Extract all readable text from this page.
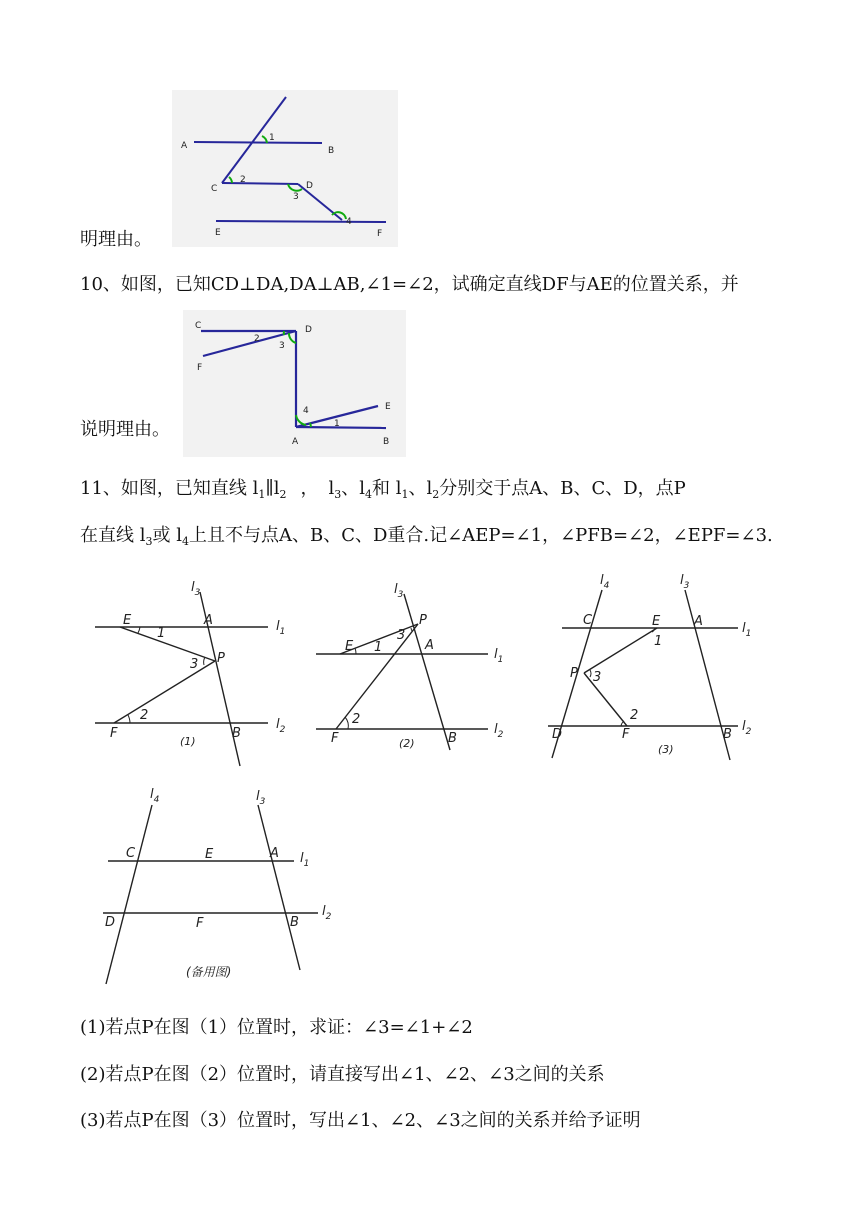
A	B
C	D
E	F
1
2
3
4
明理由。
10、如图，已知CD⊥DA,DA⊥AB,∠1=∠2，试确定直线DF与AE的位置关系，并
C	D
F
E
A	B
1
2
3
4
说明理由。
11、如图，已知直线 $l_1\parallel l_2$ ， $l_3$、$l_4$和 $l_1$、$l_2$分别交于点A、B、C、D，点P
在直线 $l_3$或 $l_4$上且不与点A、B、C、D重合.记∠AEP=∠1，∠PFB=∠2，∠EPF=∠3.
E	A
P
F	B
$l_3$
$l_1$
$l_2$
1
2
3
(1)
E
P
A
F	B
$l_3$
$l_1$
$l_2$
1
2
3
(2)
C	E	A
P
D	F	B
$l_4$	$l_3$
$l_1$
$l_2$
1
2
3
(3)
C	E	A
D	F	B
$l_4$	$l_3$
$l_1$
$l_2$
(备用图)
(1)若点P在图（1）位置时，求证：∠3=∠1+∠2
(2)若点P在图（2）位置时，请直接写出∠1、∠2、∠3之间的关系
(3)若点P在图（3）位置时，写出∠1、∠2、∠3之间的关系并给予证明
